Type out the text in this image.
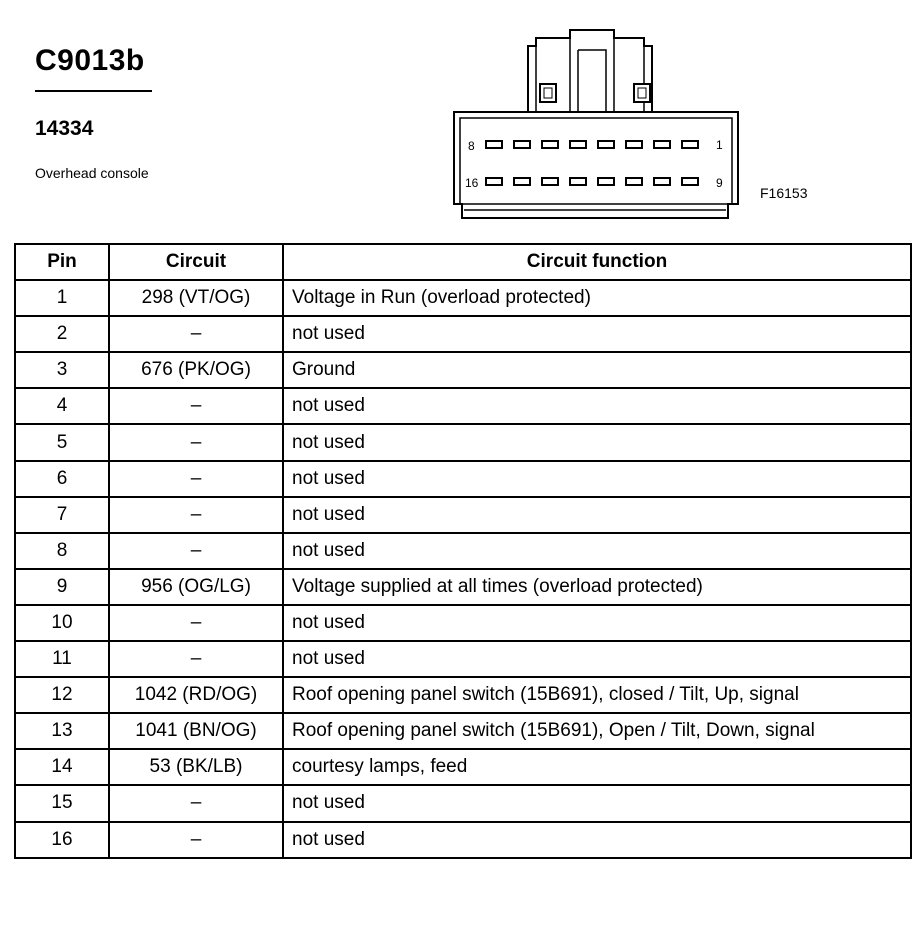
C9013b
14334
Overhead console
F16153
8	1
16	9
Pin	Circuit	Circuit function
1	298 (VT/OG)	Voltage in Run (overload protected)
2	–	not used
3	676 (PK/OG)	Ground
4	–	not used
5	–	not used
6	–	not used
7	–	not used
8	–	not used
9	956 (OG/LG)	Voltage supplied at all times (overload protected)
10	–	not used
11	–	not used
12	1042 (RD/OG)	Roof opening panel switch (15B691), closed / Tilt, Up, signal
13	1041 (BN/OG)	Roof opening panel switch (15B691), Open / Tilt, Down, signal
14	53 (BK/LB)	courtesy lamps, feed
15	–	not used
16	–	not used
